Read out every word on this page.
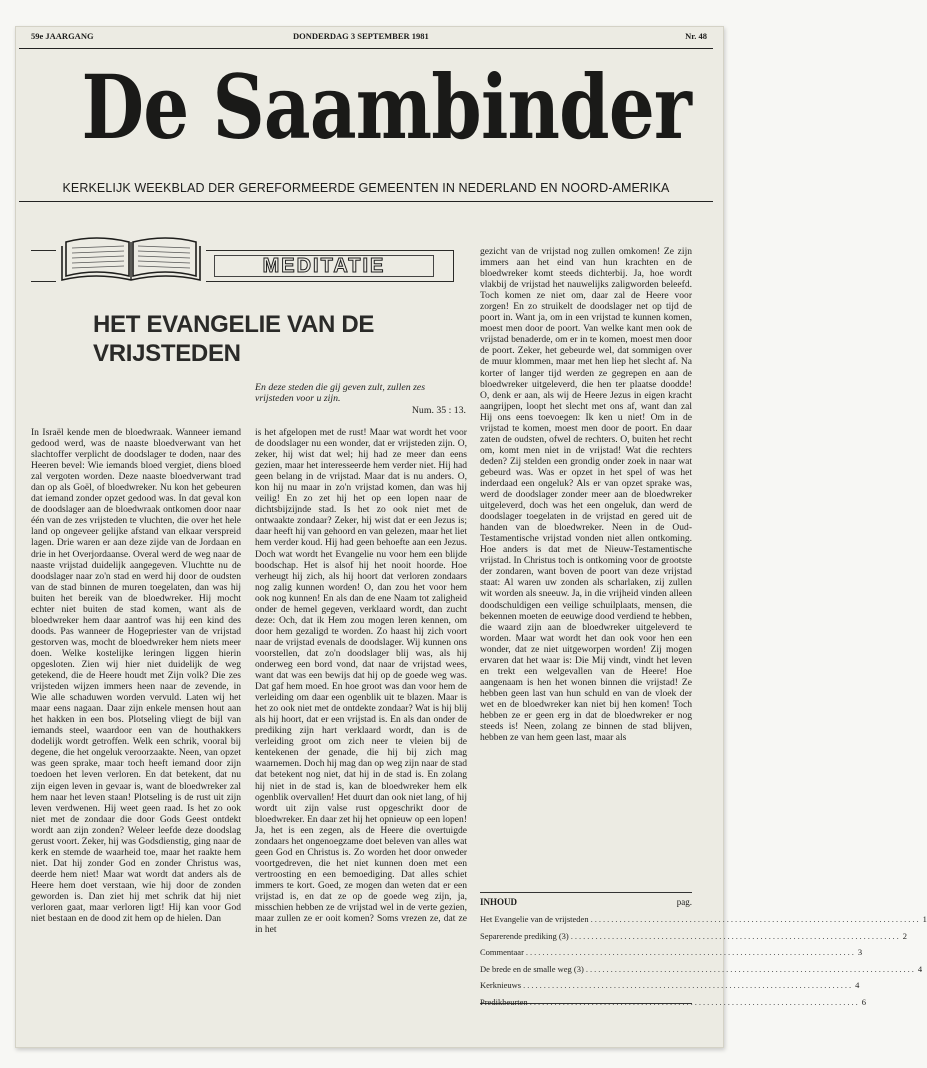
59e JAARGANG	DONDERDAG 3 SEPTEMBER 1981	Nr. 48
De Saambinder
KERKELIJK WEEKBLAD DER GEREFORMEERDE GEMEENTEN IN NEDERLAND EN NOORD-AMERIKA
MEDITATIE
HET EVANGELIE VAN DE VRIJSTEDEN
En deze steden die gij geven zult, zullen zes vrijsteden voor u zijn.
Num. 35 : 13.
In Israël kende men de bloedwraak. Wanneer iemand gedood werd, was de naaste bloedverwant van het slachtoffer verplicht de doodslager te doden, naar des Heeren bevel: Wie iemands bloed vergiet, diens bloed zal vergoten worden. Deze naaste bloedverwant trad dan op als Goël, of bloedwreker. Nu kon het gebeuren dat iemand zonder opzet gedood was. In dat geval kon de doodslager aan de bloedwraak ontkomen door naar één van de zes vrijsteden te vluchten, die over het hele land op ongeveer gelijke afstand van elkaar verspreid lagen. Drie waren er aan deze zijde van de Jordaan en drie in het Overjordaanse. Overal werd de weg naar de naaste vrijstad duidelijk aangegeven. Vluchtte nu de doodslager naar zo'n stad en werd hij door de oudsten van de stad binnen de muren toegelaten, dan was hij buiten het bereik van de bloedwreker. Hij mocht echter niet buiten de stad komen, want als de bloedwreker hem daar aantrof was hij een kind des doods. Pas wanneer de Hogepriester van de vrijstad gestorven was, mocht de bloedwreker hem niets meer doen. Welke kostelijke leringen liggen hierin opgesloten. Zien wij hier niet duidelijk de weg getekend, die de Heere houdt met Zijn volk? Die zes vrijsteden wijzen immers heen naar de zevende, in Wie alle schaduwen worden vervuld. Laten wij het maar eens nagaan. Daar zijn enkele mensen hout aan het hakken in een bos. Plotseling vliegt de bijl van iemands steel, waardoor een van de houthakkers dodelijk wordt getroffen. Welk een schrik, vooral bij degene, die het ongeluk veroorzaakte. Neen, van opzet was geen sprake, maar toch heeft iemand door zijn toedoen het leven verloren. En dat betekent, dat nu zijn eigen leven in gevaar is, want de bloedwreker zal hem naar het leven staan! Plotseling is de rust uit zijn leven verdwenen. Hij weet geen raad. Is het zo ook niet met de zondaar die door Gods Geest ontdekt wordt aan zijn zonden? Weleer leefde deze doodslag gerust voort. Zeker, hij was Godsdienstig, ging naar de kerk en stemde de waarheid toe, maar het raakte hem niet. Dat hij zonder God en zonder Christus was, deerde hem niet! Maar wat wordt dat anders als de Heere hem doet verstaan, wie hij door de zonden geworden is. Dan ziet hij met schrik dat hij niet verloren gaat, maar verloren ligt! Hij kan voor God niet bestaan en de dood zit hem op de hielen. Dan
is het afgelopen met de rust! Maar wat wordt het voor de doodslager nu een wonder, dat er vrijsteden zijn. O, zeker, hij wist dat wel; hij had ze meer dan eens gezien, maar het interesseerde hem verder niet. Hij had geen belang in de vrijstad. Maar dat is nu anders. O, kon hij nu maar in zo'n vrijstad komen, dan was hij veilig! En zo zet hij het op een lopen naar de dichtsbijzijnde stad. Is het zo ook niet met de ontwaakte zondaar? Zeker, hij wist dat er een Jezus is; daar heeft hij van gehoord en van gelezen, maar het liet hem verder koud. Hij had geen behoefte aan een Jezus. Doch wat wordt het Evangelie nu voor hem een blijde boodschap. Het is alsof hij het nooit hoorde. Hoe verheugt hij zich, als hij hoort dat verloren zondaars nog zalig kunnen worden! O, dan zou het voor hem ook nog kunnen! En als dan de ene Naam tot zaligheid onder de hemel gegeven, verklaard wordt, dan zucht deze: Och, dat ik Hem zou mogen leren kennen, om door hem gezaligd te worden. Zo haast hij zich voort naar de vrijstad evenals de doodslager. Wij kunnen ons voorstellen, dat zo'n doodslager blij was, als hij onderweg een bord vond, dat naar de vrijstad wees, want dat was een bewijs dat hij op de goede weg was. Dat gaf hem moed. En hoe groot was dan voor hem de verleiding om daar een ogenblik uit te blazen. Maar is het zo ook niet met de ontdekte zondaar? Wat is hij blij als hij hoort, dat er een vrijstad is. En als dan onder de prediking zijn hart verklaard wordt, dan is de verleiding groot om zich neer te vleien bij de kentekenen der genade, die hij bij zich mag waarnemen. Doch hij mag dan op weg zijn naar de stad dat betekent nog niet, dat hij in de stad is. En zolang hij niet in de stad is, kan de bloedwreker hem elk ogenblik overvallen! Het duurt dan ook niet lang, of hij wordt uit zijn valse rust opgeschrikt door de bloedwreker. En daar zet hij het opnieuw op een lopen! Ja, het is een zegen, als de Heere die overtuigde zondaars het ongenoegzame doet beleven van alles wat geen God en Christus is. Zo worden het door onweder voortgedreven, die het niet kunnen doen met een vertroosting en een bemoediging. Dat alles schiet immers te kort. Goed, ze mogen dan weten dat er een vrijstad is, en dat ze op de goede weg zijn, ja, misschien hebben ze de vrijstad wel in de verte gezien, maar zullen ze er ooit komen? Soms vrezen ze, dat ze in het
gezicht van de vrijstad nog zullen omkomen! Ze zijn immers aan het eind van hun krachten en de bloedwreker komt steeds dichterbij. Ja, hoe wordt vlakbij de vrijstad het nauwelijks zaligworden beleefd. Toch komen ze niet om, daar zal de Heere voor zorgen! En zo struikelt de doodslager net op tijd de poort in. Want ja, om in een vrijstad te kunnen komen, moest men door de poort. Van welke kant men ook de vrijstad benaderde, om er in te komen, moest men door de poort. Zeker, het gebeurde wel, dat sommigen over de muur klommen, maar met hen liep het slecht af. Na korter of langer tijd werden ze gegrepen en aan de bloedwreker uitgeleverd, die hen ter plaatse doodde! O, denk er aan, als wij de Heere Jezus in eigen kracht aangrijpen, loopt het slecht met ons af, want dan zal Hij ons eens toevoegen: Ik ken u niet! Om in de vrijstad te komen, moest men door de poort. En daar zaten de oudsten, ofwel de rechters. O, buiten het recht om, komt men niet in de vrijstad! Wat die rechters deden? Zij stelden een grondig onder zoek in naar wat gebeurd was. Was er opzet in het spel of was het inderdaad een ongeluk? Als er van opzet sprake was, werd de doodslager zonder meer aan de bloedwreker uitgeleverd, doch was het een ongeluk, dan werd de doodslager toegelaten in de vrijstad en gered uit de handen van de bloedwreker. Neen in de Oud-Testamentische vrijstad vonden niet allen ontkoming. Hoe anders is dat met de Nieuw-Testamentische vrijstad. In Christus toch is ontkoming voor de grootste der zondaren, want boven de poort van deze vrijstad staat: Al waren uw zonden als scharlaken, zij zullen wit worden als sneeuw. Ja, in die vrijheid vinden alleen doodschuldigen een veilige schuilplaats, mensen, die bekennen moeten de eeuwige dood verdiend te hebben, die waard zijn aan de bloedwreker uitgeleverd te worden. Maar wat wordt het dan ook voor hen een wonder, dat ze niet uitgeworpen worden! Zij mogen ervaren dat het waar is: Die Mij vindt, vindt het leven en trekt een welgevallen van de Heere! Hoe aangenaam is hen het wonen binnen die vrijstad! Ze hebben geen last van hun schuld en van de vloek der wet en de bloedwreker kan niet bij hen komen! Toch hebben ze er geen erg in dat de bloedwreker er nog steeds is! Neen, zolang ze binnen de stad blijven, hebben ze van hem geen last, maar als
INHOUD	pag.
Het Evangelie van de vrijsteden ................................................................................ 1
Separerende prediking (3) ................................................................................ 2
Commentaar ................................................................................ 3
De brede en de smalle weg (3) ................................................................................ 4
Kerknieuws ................................................................................ 4
Predikbeurten ................................................................................ 6
